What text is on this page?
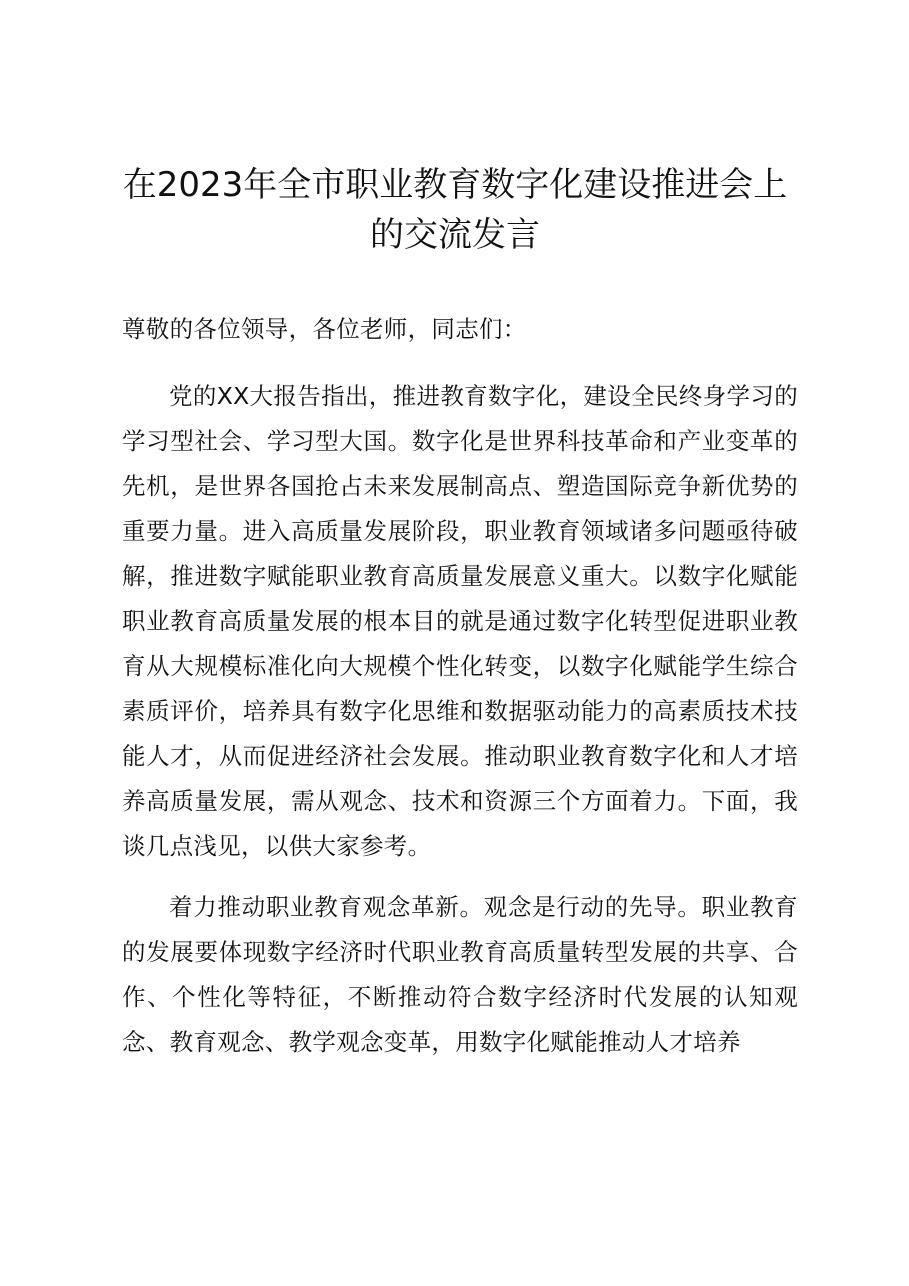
在2023年全市职业教育数字化建设推进会上的交流发言

尊敬的各位领导，各位老师，同志们：

党的XX大报告指出，推进教育数字化，建设全民终身学习的学习型社会、学习型大国。数字化是世界科技革命和产业变革的先机，是世界各国抢占未来发展制高点、塑造国际竞争新优势的重要力量。进入高质量发展阶段，职业教育领域诸多问题亟待破解，推进数字赋能职业教育高质量发展意义重大。以数字化赋能职业教育高质量发展的根本目的就是通过数字化转型促进职业教育从大规模标准化向大规模个性化转变，以数字化赋能学生综合素质评价，培养具有数字化思维和数据驱动能力的高素质技术技能人才，从而促进经济社会发展。推动职业教育数字化和人才培养高质量发展，需从观念、技术和资源三个方面着力。下面，我谈几点浅见，以供大家参考。

着力推动职业教育观念革新。观念是行动的先导。职业教育的发展要体现数字经济时代职业教育高质量转型发展的共享、合作、个性化等特征，不断推动符合数字经济时代发展的认知观念、教育观念、教学观念变革，用数字化赋能推动人才培养
